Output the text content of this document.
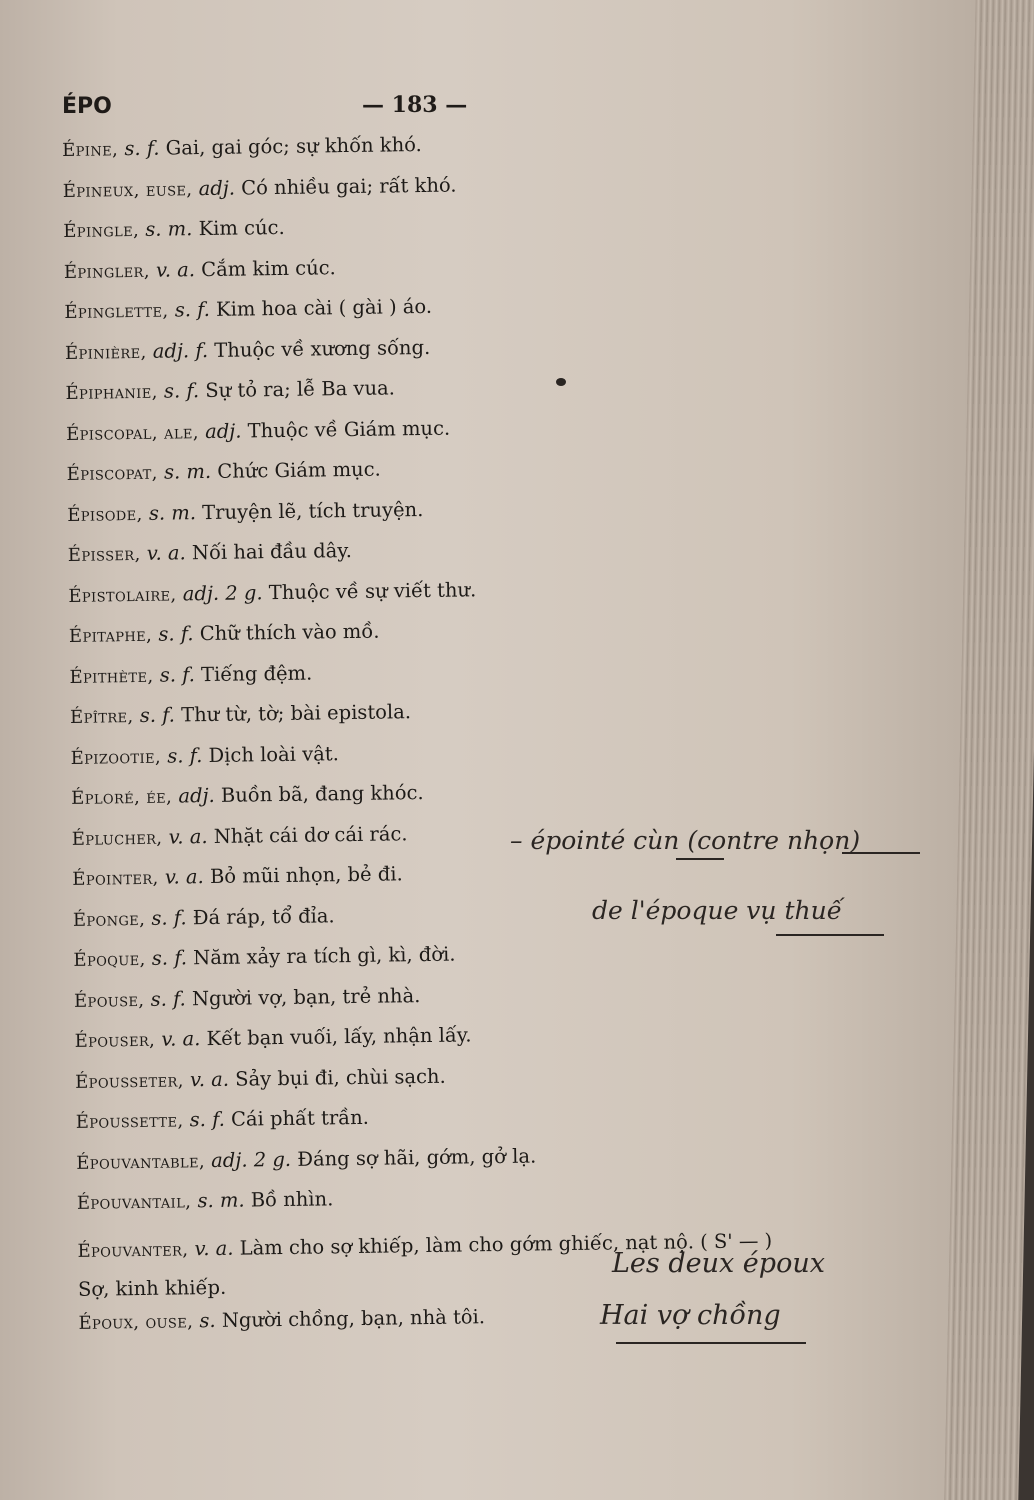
ÉPO	— 183 —
Épine, s. f. Gai, gai góc; sự khốn khó.
Épineux, euse, adj. Có nhiều gai; rất khó.
Épingle, s. m. Kim cúc.
Épingler, v. a. Cắm kim cúc.
Épinglette, s. f. Kim hoa cài ( gài ) áo.
Épinière, adj. f. Thuộc về xương sống.
Épiphanie, s. f. Sự tỏ ra; lễ Ba vua.
Épiscopal, ale, adj. Thuộc về Giám mục.
Épiscopat, s. m. Chức Giám mục.
Épisode, s. m. Truyện lẽ, tích truyện.
Épisser, v. a. Nối hai đầu dây.
Épistolaire, adj. 2 g. Thuộc về sự viết thư.
Épitaphe, s. f. Chữ thích vào mồ.
Épithète, s. f. Tiếng đệm.
Épître, s. f. Thư từ, tờ; bài epistola.
Épizootie, s. f. Dịch loài vật.
Éploré, ée, adj. Buồn bã, đang khóc.
Éplucher, v. a. Nhặt cái dơ cái rác.
Épointer, v. a. Bỏ mũi nhọn, bẻ đi.
Éponge, s. f. Đá ráp, tổ đỉa.
Époque, s. f. Năm xảy ra tích gì, kì, đời.
Épouse, s. f. Người vợ, bạn, trẻ nhà.
Épouser, v. a. Kết bạn vuối, lấy, nhận lấy.
Épousseter, v. a. Sảy bụi đi, chùi sạch.
Époussette, s. f. Cái phất trần.
Épouvantable, adj. 2 g. Đáng sợ hãi, gớm, gở lạ.
Épouvantail, s. m. Bồ nhìn.
Épouvanter, v. a. Làm cho sợ khiếp, làm cho gớm ghiếc, nạt nộ. ( S' — ) Sợ, kinh khiếp.
Époux, ouse, s. Người chồng, bạn, nhà tôi.
– épointé cùn (contre nhọn)
de l'époque vụ thuế
Les deux époux
Hai vợ chồng
